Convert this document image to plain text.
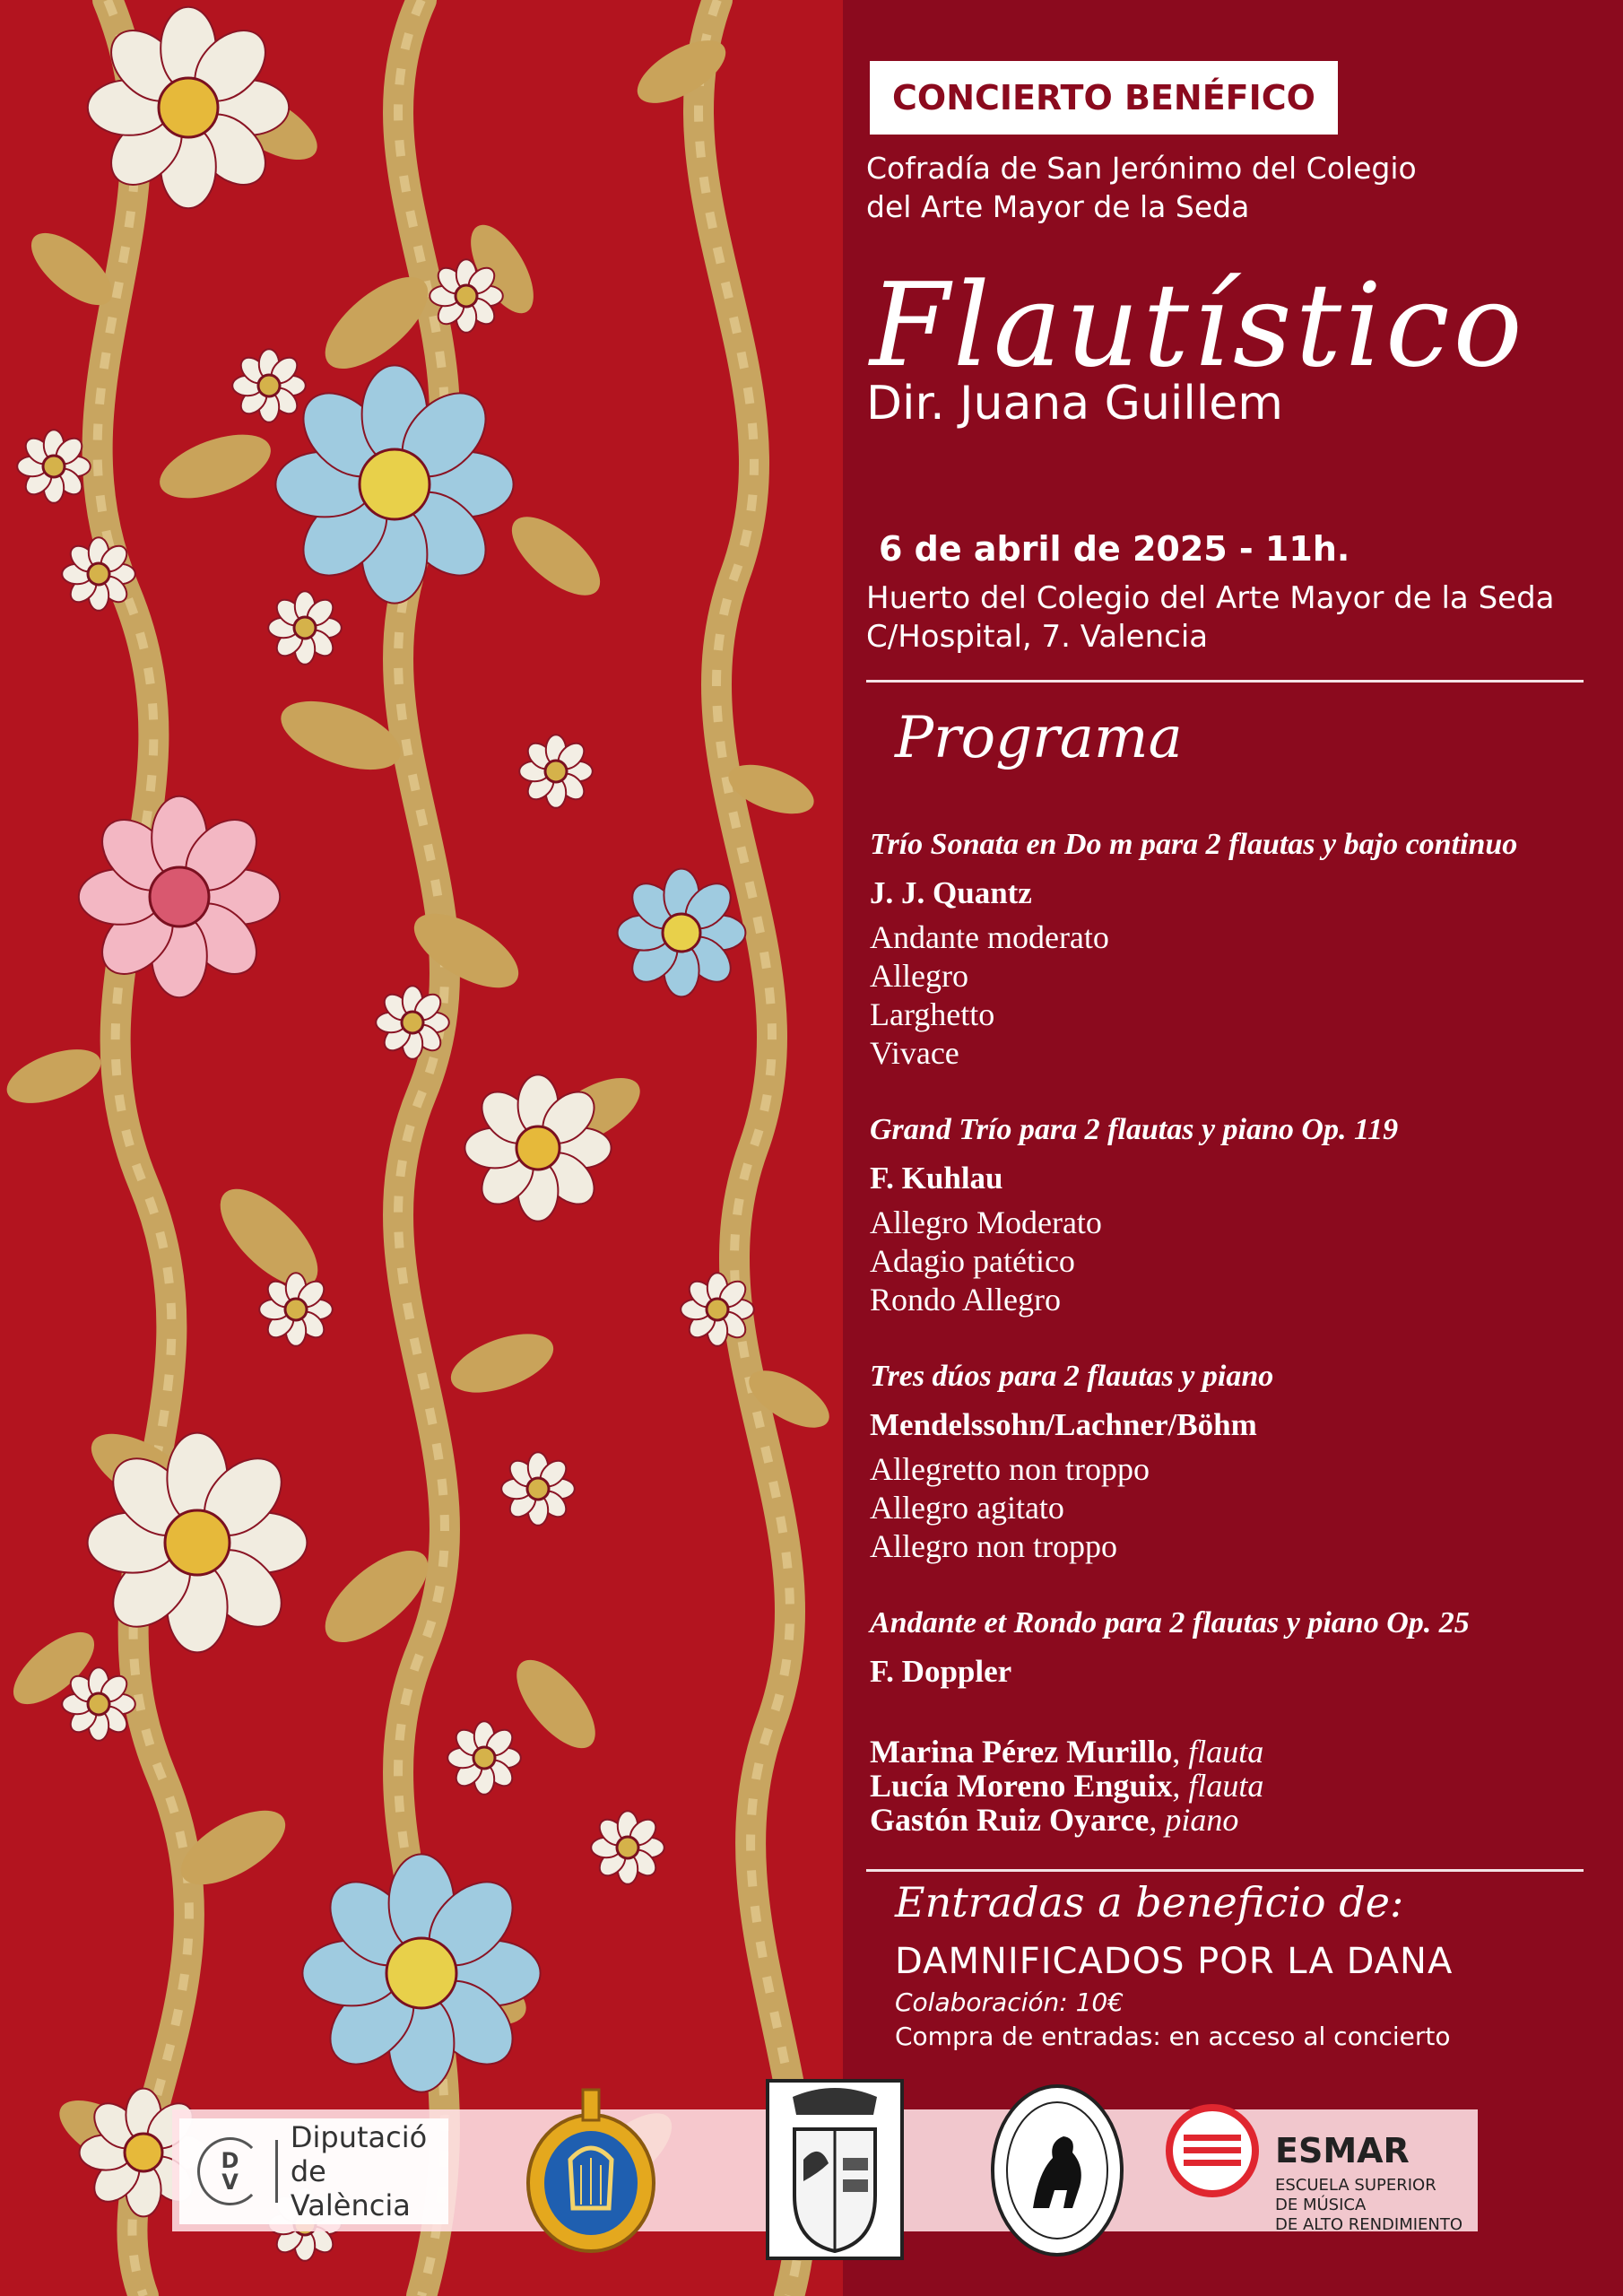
CONCIERTO BENÉFICO
Cofradía de San Jerónimo del Colegio
del Arte Mayor de la Seda
Flautístico
Dir. Juana Guillem
6 de abril de 2025 - 11h.
Huerto del Colegio del Arte Mayor de la Seda
C/Hospital, 7. Valencia
Programa
Trío Sonata en Do m para 2 flautas y bajo continuo
J. J. Quantz
Andante moderato
Allegro
Larghetto
Vivace
Grand Trío para 2 flautas y piano Op. 119
F. Kuhlau
Allegro Moderato
Adagio patético
Rondo Allegro
Tres dúos para 2 flautas y piano
Mendelssohn/Lachner/Böhm
Allegretto non troppo
Allegro agitato
Allegro non troppo
Andante et Rondo para 2 flautas y piano Op. 25
F. Doppler
Marina Pérez Murillo, flauta
Lucía Moreno Enguix, flauta
Gastón Ruiz Oyarce, piano
Entradas a beneficio de:
DAMNIFICADOS POR LA DANA
Colaboración: 10€
Compra de entradas: en acceso al concierto
D
V
Diputació
de València
ESMAR
ESCUELA SUPERIOR
DE MÚSICA
DE ALTO RENDIMIENTO
